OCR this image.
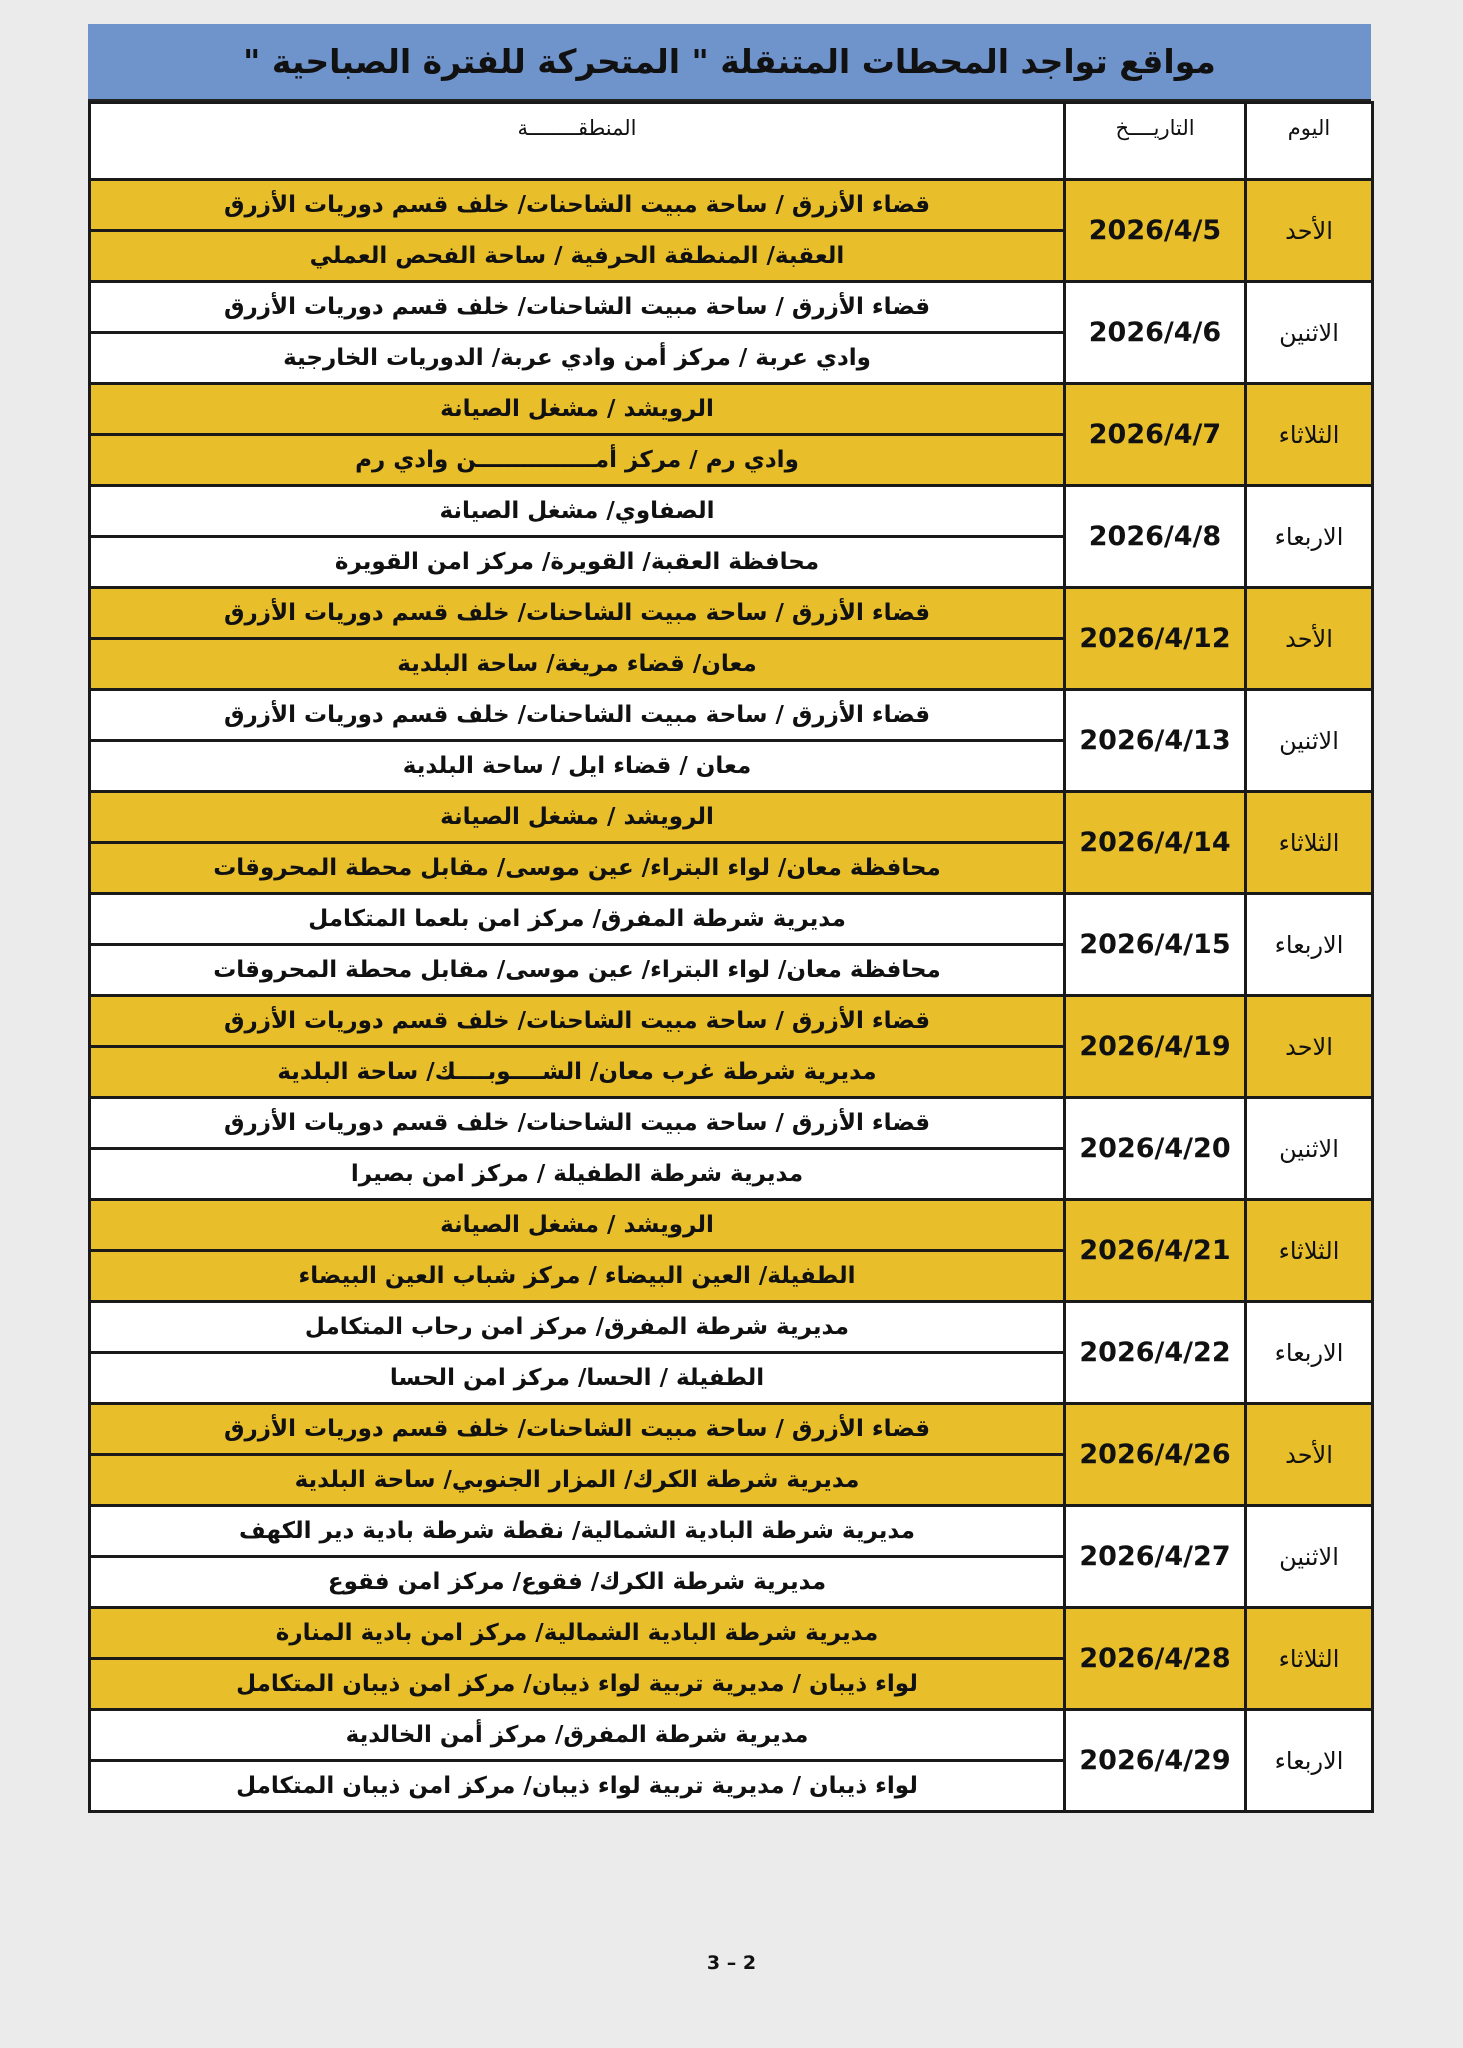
مواقع تواجد المحطات المتنقلة " المتحركة للفترة الصباحية "
اليوم	التاريــــخ	المنطقــــــــة
الأحد	2026/4/5	قضاء الأزرق / ساحة مبيت الشاحنات/ خلف قسم دوريات الأزرق
		العقبة/ المنطقة الحرفية / ساحة الفحص العملي
الاثنين	2026/4/6	قضاء الأزرق / ساحة مبيت الشاحنات/ خلف قسم دوريات الأزرق
		وادي عربة / مركز أمن وادي عربة/ الدوريات الخارجية
الثلاثاء	2026/4/7	الرويشد / مشغل الصيانة
		وادي رم / مركز أمـــــــــــــــن وادي رم
الاربعاء	2026/4/8	الصفاوي/ مشغل الصيانة
		محافظة العقبة/ القويرة/ مركز امن القويرة
الأحد	2026/4/12	قضاء الأزرق / ساحة مبيت الشاحنات/ خلف قسم دوريات الأزرق
		معان/ قضاء مريغة/ ساحة البلدية
الاثنين	2026/4/13	قضاء الأزرق / ساحة مبيت الشاحنات/ خلف قسم دوريات الأزرق
		معان / قضاء ايل / ساحة البلدية
الثلاثاء	2026/4/14	الرويشد / مشغل الصيانة
		محافظة معان/ لواء البتراء/ عين موسى/ مقابل محطة المحروقات
الاربعاء	2026/4/15	مديرية شرطة المفرق/ مركز امن بلعما المتكامل
		محافظة معان/ لواء البتراء/ عين موسى/ مقابل محطة المحروقات
الاحد	2026/4/19	قضاء الأزرق / ساحة مبيت الشاحنات/ خلف قسم دوريات الأزرق
		مديرية شرطة غرب معان/ الشــــوبــــك/ ساحة البلدية
الاثنين	2026/4/20	قضاء الأزرق / ساحة مبيت الشاحنات/ خلف قسم دوريات الأزرق
		مديرية شرطة الطفيلة / مركز امن بصيرا
الثلاثاء	2026/4/21	الرويشد / مشغل الصيانة
		الطفيلة/ العين البيضاء / مركز شباب العين البيضاء
الاربعاء	2026/4/22	مديرية شرطة المفرق/ مركز امن رحاب المتكامل
		الطفيلة / الحسا/ مركز امن الحسا
الأحد	2026/4/26	قضاء الأزرق / ساحة مبيت الشاحنات/ خلف قسم دوريات الأزرق
		مديرية شرطة الكرك/ المزار الجنوبي/ ساحة البلدية
الاثنين	2026/4/27	مديرية شرطة البادية الشمالية/ نقطة شرطة بادية دير الكهف
		مديرية شرطة الكرك/ فقوع/ مركز امن فقوع
الثلاثاء	2026/4/28	مديرية شرطة البادية الشمالية/ مركز امن بادية المنارة
		لواء ذيبان / مديرية تربية لواء ذيبان/ مركز امن ذيبان المتكامل
الاربعاء	2026/4/29	مديرية شرطة المفرق/ مركز أمن الخالدية
		لواء ذيبان / مديرية تربية لواء ذيبان/ مركز امن ذيبان المتكامل
3 – 2
